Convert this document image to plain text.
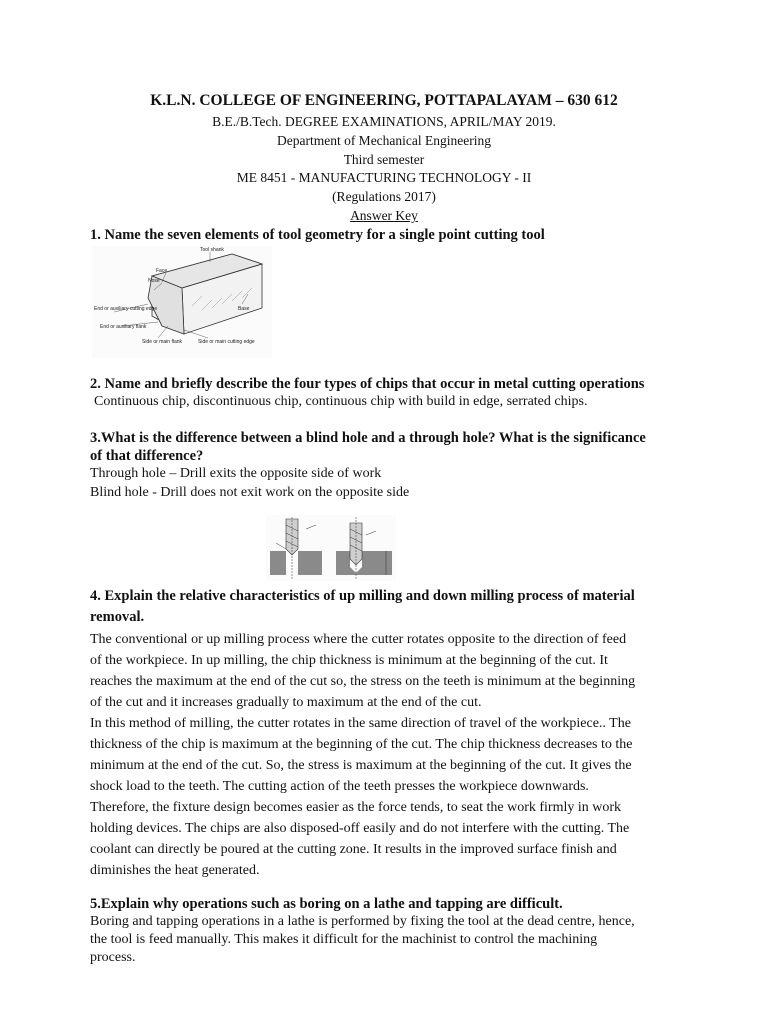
K.L.N. COLLEGE OF ENGINEERING, POTTAPALAYAM – 630 612
B.E./B.Tech. DEGREE EXAMINATIONS, APRIL/MAY 2019.
Department of Mechanical Engineering
Third semester
ME 8451 - MANUFACTURING TECHNOLOGY - II
(Regulations 2017)
Answer Key
1. Name the seven elements of tool geometry for a single point cutting tool
Tool shank
Face
Nose
End or auxiliary cutting edge
End or auxiliary flank
Side or main flank	Side or main cutting edge
Base
2. Name and briefly describe the four types of chips that occur in metal cutting operations
Continuous chip, discontinuous chip, continuous chip with build in edge, serrated chips.
3.What is the difference between a blind hole and a through hole? What is the significance
of that difference?
Through hole – Drill exits the opposite side of work
Blind hole - Drill does not exit work on the opposite side
4. Explain the relative characteristics of up milling and down milling process of material
removal.
The conventional or up milling process where the cutter rotates opposite to the direction of feed
of the workpiece. In up milling, the chip thickness is minimum at the beginning of the cut. It
reaches the maximum at the end of the cut so, the stress on the teeth is minimum at the beginning
of the cut and it increases gradually to maximum at the end of the cut.
In this method of milling, the cutter rotates in the same direction of travel of the workpiece.. The
thickness of the chip is maximum at the beginning of the cut. The chip thickness decreases to the
minimum at the end of the cut. So, the stress is maximum at the beginning of the cut. It gives the
shock load to the teeth. The cutting action of the teeth presses the workpiece downwards.
Therefore, the fixture design becomes easier as the force tends, to seat the work firmly in work
holding devices. The chips are also disposed-off easily and do not interfere with the cutting. The
coolant can directly be poured at the cutting zone. It results in the improved surface finish and
diminishes the heat generated.
5.Explain why operations such as boring on a lathe and tapping are difficult.
Boring and tapping operations in a lathe is performed by fixing the tool at the dead centre, hence,
the tool is feed manually. This makes it difficult for the machinist to control the machining
process.
